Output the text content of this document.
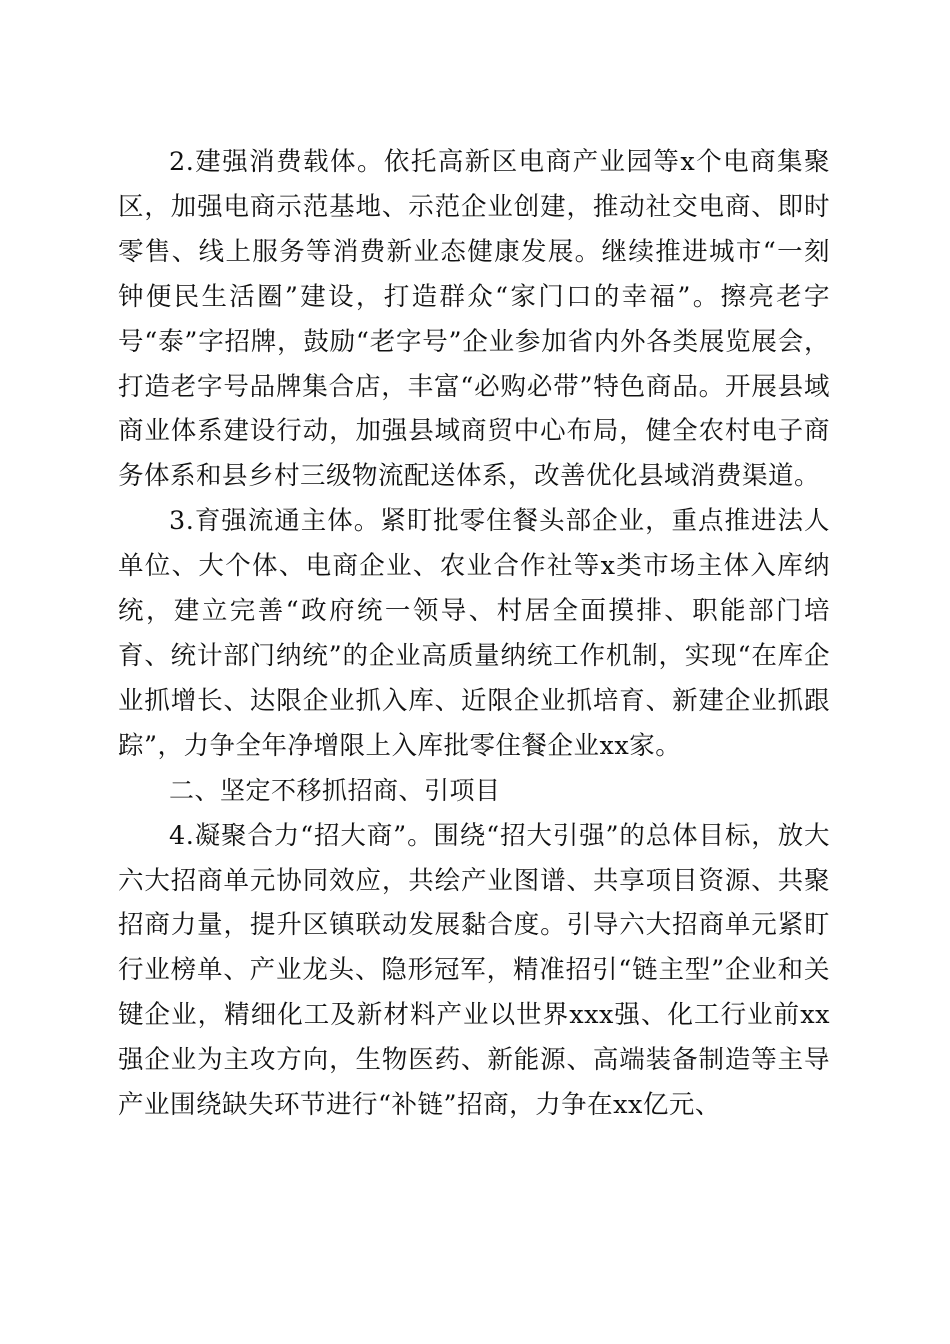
2.建强消费载体。依托高新区电商产业园等x个电商集聚区，加强电商示范基地、示范企业创建，推动社交电商、即时零售、线上服务等消费新业态健康发展。继续推进城市“一刻钟便民生活圈”建设，打造群众“家门口的幸福”。擦亮老字号“泰”字招牌，鼓励“老字号”企业参加省内外各类展览展会，打造老字号品牌集合店，丰富“必购必带”特色商品。开展县域商业体系建设行动，加强县域商贸中心布局，健全农村电子商务体系和县乡村三级物流配送体系，改善优化县域消费渠道。

3.育强流通主体。紧盯批零住餐头部企业，重点推进法人单位、大个体、电商企业、农业合作社等x类市场主体入库纳统，建立完善“政府统一领导、村居全面摸排、职能部门培育、统计部门纳统”的企业高质量纳统工作机制，实现“在库企业抓增长、达限企业抓入库、近限企业抓培育、新建企业抓跟踪”，力争全年净增限上入库批零住餐企业xx家。

二、坚定不移抓招商、引项目

4.凝聚合力“招大商”。围绕“招大引强”的总体目标，放大六大招商单元协同效应，共绘产业图谱、共享项目资源、共聚招商力量，提升区镇联动发展黏合度。引导六大招商单元紧盯行业榜单、产业龙头、隐形冠军，精准招引“链主型”企业和关键企业，精细化工及新材料产业以世界xxx强、化工行业前xx强企业为主攻方向，生物医药、新能源、高端装备制造等主导产业围绕缺失环节进行“补链”招商，力争在xx亿元、
